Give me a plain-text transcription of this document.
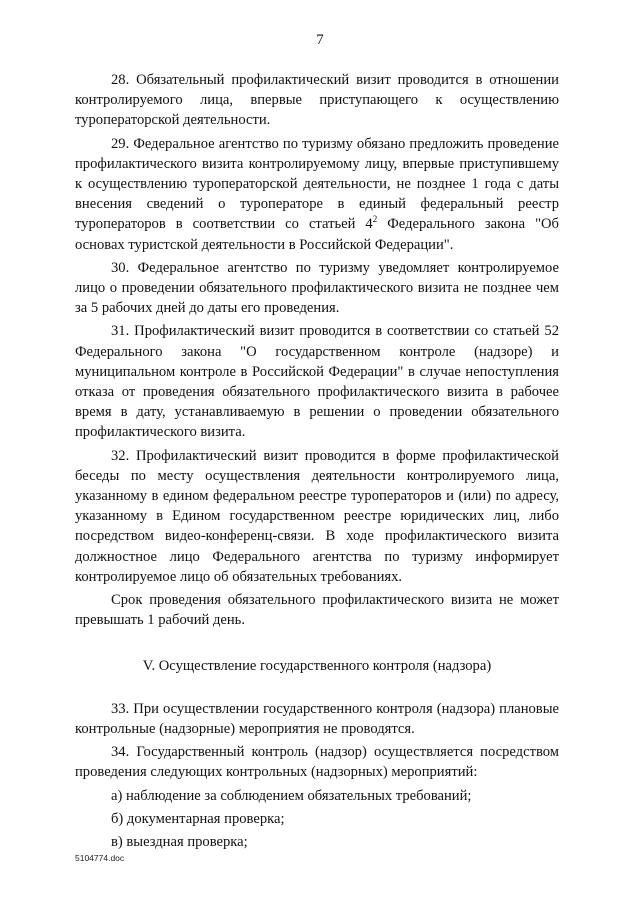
7

28. Обязательный профилактический визит проводится в отношении контролируемого лица, впервые приступающего к осуществлению туроператорской деятельности.

29. Федеральное агентство по туризму обязано предложить проведение профилактического визита контролируемому лицу, впервые приступившему к осуществлению туроператорской деятельности, не позднее 1 года с даты внесения сведений о туроператоре в единый федеральный реестр туроператоров в соответствии со статьей $4^2$ Федерального закона "Об основах туристской деятельности в Российской Федерации".

30. Федеральное агентство по туризму уведомляет контролируемое лицо о проведении обязательного профилактического визита не позднее чем за 5 рабочих дней до даты его проведения.

31. Профилактический визит проводится в соответствии со статьей 52 Федерального закона "О государственном контроле (надзоре) и муниципальном контроле в Российской Федерации" в случае непоступления отказа от проведения обязательного профилактического визита в рабочее время в дату, устанавливаемую в решении о проведении обязательного профилактического визита.

32. Профилактический визит проводится в форме профилактической беседы по месту осуществления деятельности контролируемого лица, указанному в едином федеральном реестре туроператоров и (или) по адресу, указанному в Едином государственном реестре юридических лиц, либо посредством видео-конференц-связи. В ходе профилактического визита должностное лицо Федерального агентства по туризму информирует контролируемое лицо об обязательных требованиях.

Срок проведения обязательного профилактического визита не может превышать 1 рабочий день.

V. Осуществление государственного контроля (надзора)

33. При осуществлении государственного контроля (надзора) плановые контрольные (надзорные) мероприятия не проводятся.

34. Государственный контроль (надзор) осуществляется посредством проведения следующих контрольных (надзорных) мероприятий:

а) наблюдение за соблюдением обязательных требований;
б) документарная проверка;
в) выездная проверка;
5104774.doc
